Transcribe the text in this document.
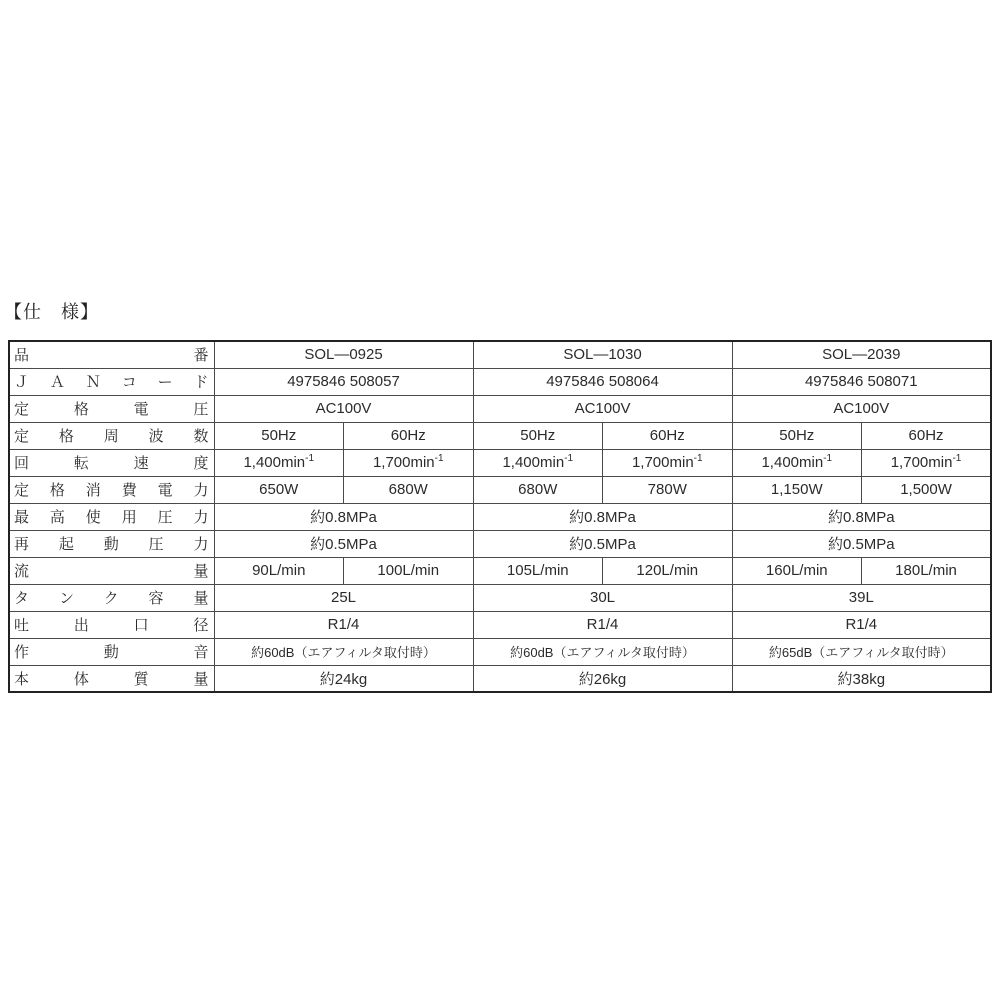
【仕　様】
品番	SOL—0925		SOL—1030		SOL—2039	
ＪＡＮコード	4975846 508057		4975846 508064		4975846 508071	
定格電圧	AC100V		AC100V		AC100V	
定格周波数	50Hz	60Hz	50Hz	60Hz	50Hz	60Hz
回転速度	$1,400\min^{-1}$	$1,700\min^{-1}$	$1,400\min^{-1}$	$1,700\min^{-1}$	$1,400\min^{-1}$	$1,700\min^{-1}$
定格消費電力	650W	680W	680W	780W	1,150W	1,500W
最高使用圧力	約0.8MPa		約0.8MPa		約0.8MPa	
再起動圧力	約0.5MPa		約0.5MPa		約0.5MPa	
流量	90L/min	100L/min	105L/min	120L/min	160L/min	180L/min
タンク容量	25L		30L		39L	
吐出口径	R1/4		R1/4		R1/4	
作動音	約60dB（エアフィルタ取付時）		約60dB（エアフィルタ取付時）		約65dB（エアフィルタ取付時）	
本体質量	約24kg		約26kg		約38kg	
